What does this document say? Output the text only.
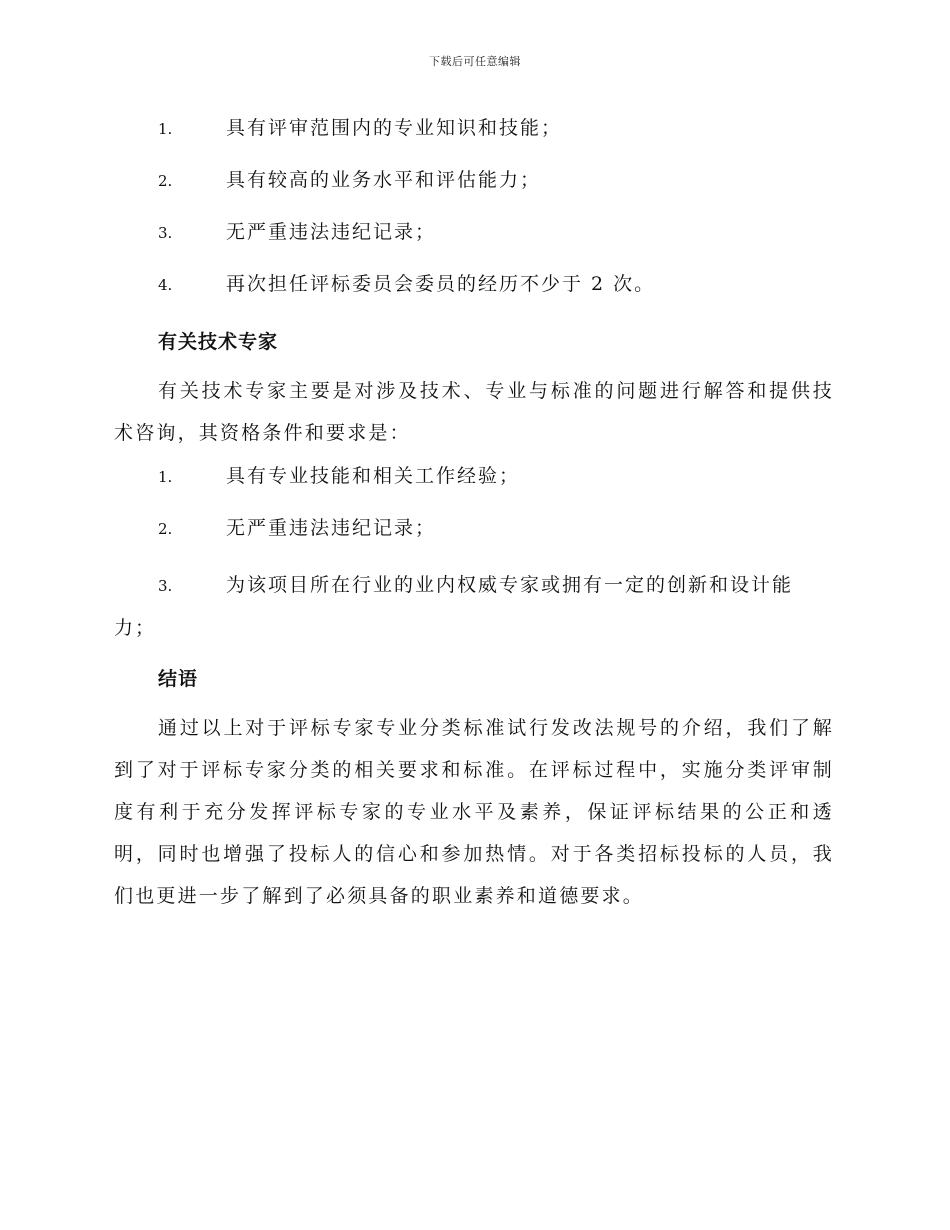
下载后可任意编辑
1.	具有评审范围内的专业知识和技能；
2.	具有较高的业务水平和评估能力；
3.	无严重违法违纪记录；
4.	再次担任评标委员会委员的经历不少于 2 次。
有关技术专家

有关技术专家主要是对涉及技术、专业与标准的问题进行解答和提供技术咨询，其资格条件和要求是：

1.	具有专业技能和相关工作经验；
2.	无严重违法违纪记录；
3.	为该项目所在行业的业内权威专家或拥有一定的创新和设计能力；
结语

通过以上对于评标专家专业分类标准试行发改法规号的介绍，我们了解到了对于评标专家分类的相关要求和标准。在评标过程中，实施分类评审制度有利于充分发挥评标专家的专业水平及素养，保证评标结果的公正和透明，同时也增强了投标人的信心和参加热情。对于各类招标投标的人员，我们也更进一步了解到了必须具备的职业素养和道德要求。
